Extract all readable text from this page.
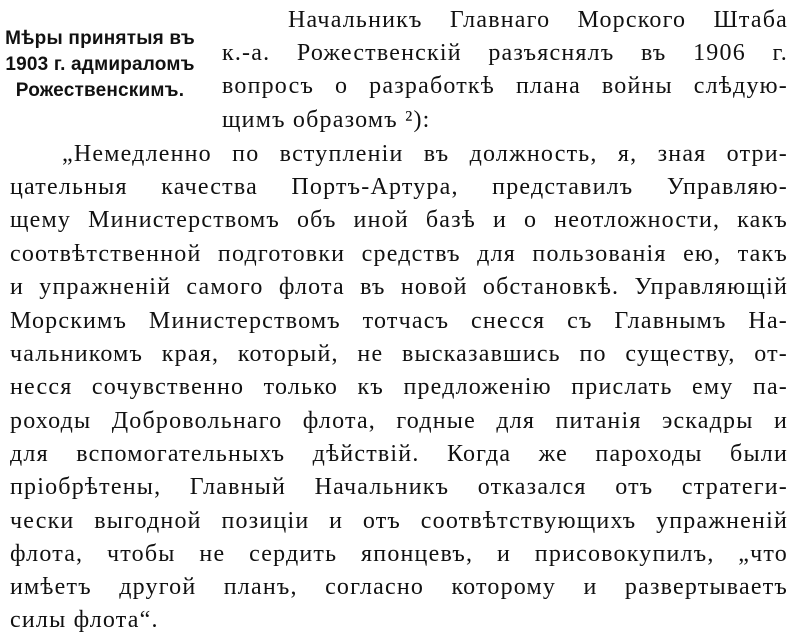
Мѣры принятыя въ
1903 г. адмираломъ
Рожественскимъ.
Начальникъ Главнаго Морского Штаба
к.-а. Рожественскій разъяснялъ въ 1906 г.
вопросъ о разработкѣ плана войны слѣдую-
щимъ образомъ ²):
„Немедленно по вступленіи въ должность, я, зная отри-
цательныя качества Портъ-Артура, представилъ Управляю-
щему Министерствомъ объ иной базѣ и о неотложности, какъ
соотвѣтственной подготовки средствъ для пользованія ею, такъ
и упражненій самого флота въ новой обстановкѣ. Управляющій
Морскимъ Министерствомъ тотчасъ снесся съ Главнымъ На-
чальникомъ края, который, не высказавшись по существу, от-
несся сочувственно только къ предложенію прислать ему па-
роходы Добровольнаго флота, годные для питанія эскадры и
для вспомогательныхъ дѣйствій. Когда же пароходы были
пріобрѣтены, Главный Начальникъ отказался отъ стратеги-
чески выгодной позиціи и отъ соотвѣтствующихъ упражненій
флота, чтобы не сердить японцевъ, и присовокупилъ, „что
имѣетъ другой планъ, согласно которому и развертываетъ
силы флота“.
